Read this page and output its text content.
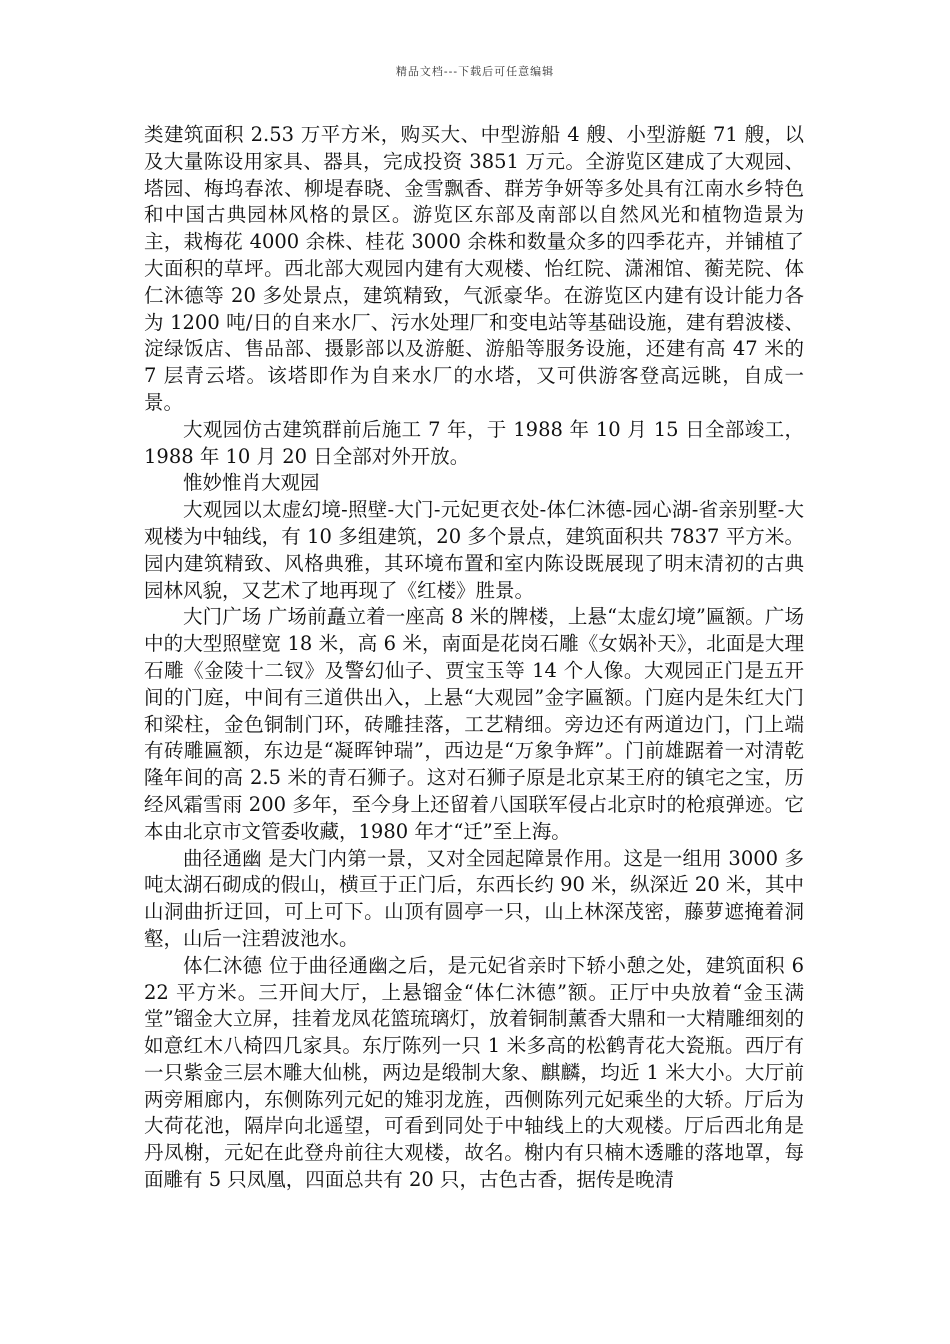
精品文档---下载后可任意编辑

类建筑面积 2.53 万平方米，购买大、中型游船 4 艘、小型游艇 71 艘，以及大量陈设用家具、器具，完成投资 3851 万元。全游览区建成了大观园、塔园、梅坞春浓、柳堤春晓、金雪飘香、群芳争妍等多处具有江南水乡特色和中国古典园林风格的景区。游览区东部及南部以自然风光和植物造景为主，栽梅花 4000 余株、桂花 3000 余株和数量众多的四季花卉，并铺植了大面积的草坪。西北部大观园内建有大观楼、怡红院、潇湘馆、蘅芜院、体仁沐德等 20 多处景点，建筑精致，气派豪华。在游览区内建有设计能力各为 1200 吨/日的自来水厂、污水处理厂和变电站等基础设施，建有碧波楼、淀绿饭店、售品部、摄影部以及游艇、游船等服务设施，还建有高 47 米的 7 层青云塔。该塔即作为自来水厂的水塔，又可供游客登高远眺，自成一景。

大观园仿古建筑群前后施工 7 年，于 1988 年 10 月 15 日全部竣工，1988 年 10 月 20 日全部对外开放。

惟妙惟肖大观园

大观园以太虚幻境-照壁-大门-元妃更衣处-体仁沐德-园心湖-省亲别墅-大观楼为中轴线，有 10 多组建筑，20 多个景点，建筑面积共 7837 平方米。园内建筑精致、风格典雅，其环境布置和室内陈设既展现了明末清初的古典园林风貌，又艺术了地再现了《红楼》胜景。

大门广场 广场前矗立着一座高 8 米的牌楼，上悬“太虚幻境”匾额。广场中的大型照壁宽 18 米，高 6 米，南面是花岗石雕《女娲补天》，北面是大理石雕《金陵十二钗》及警幻仙子、贾宝玉等 14 个人像。大观园正门是五开间的门庭，中间有三道供出入，上悬“大观园”金字匾额。门庭内是朱红大门和梁柱，金色铜制门环，砖雕挂落，工艺精细。旁边还有两道边门，门上端有砖雕匾额，东边是“凝晖钟瑞”，西边是“万象争辉”。门前雄踞着一对清乾隆年间的高 2.5 米的青石狮子。这对石狮子原是北京某王府的镇宅之宝，历经风霜雪雨 200 多年，至今身上还留着八国联军侵占北京时的枪痕弹迹。它本由北京市文管委收藏，1980 年才“迁”至上海。

曲径通幽 是大门内第一景，又对全园起障景作用。这是一组用 3000 多吨太湖石砌成的假山，横亘于正门后，东西长约 90 米，纵深近 20 米，其中山洞曲折迂回，可上可下。山顶有圆亭一只，山上林深茂密，藤萝遮掩着洞壑，山后一注碧波池水。

体仁沐德 位于曲径通幽之后，是元妃省亲时下轿小憩之处，建筑面积 622 平方米。三开间大厅，上悬镏金“体仁沐德”额。正厅中央放着“金玉满堂”镏金大立屏，挂着龙凤花篮琉璃灯，放着铜制薰香大鼎和一大精雕细刻的如意红木八椅四几家具。东厅陈列一只 1 米多高的松鹤青花大瓷瓶。西厅有一只紫金三层木雕大仙桃，两边是缎制大象、麒麟，均近 1 米大小。大厅前两旁厢廊内，东侧陈列元妃的雉羽龙旌，西侧陈列元妃乘坐的大轿。厅后为大荷花池，隔岸向北遥望，可看到同处于中轴线上的大观楼。厅后西北角是丹凤榭，元妃在此登舟前往大观楼，故名。榭内有只楠木透雕的落地罩，每面雕有 5 只凤凰，四面总共有 20 只，古色古香，据传是晚清
